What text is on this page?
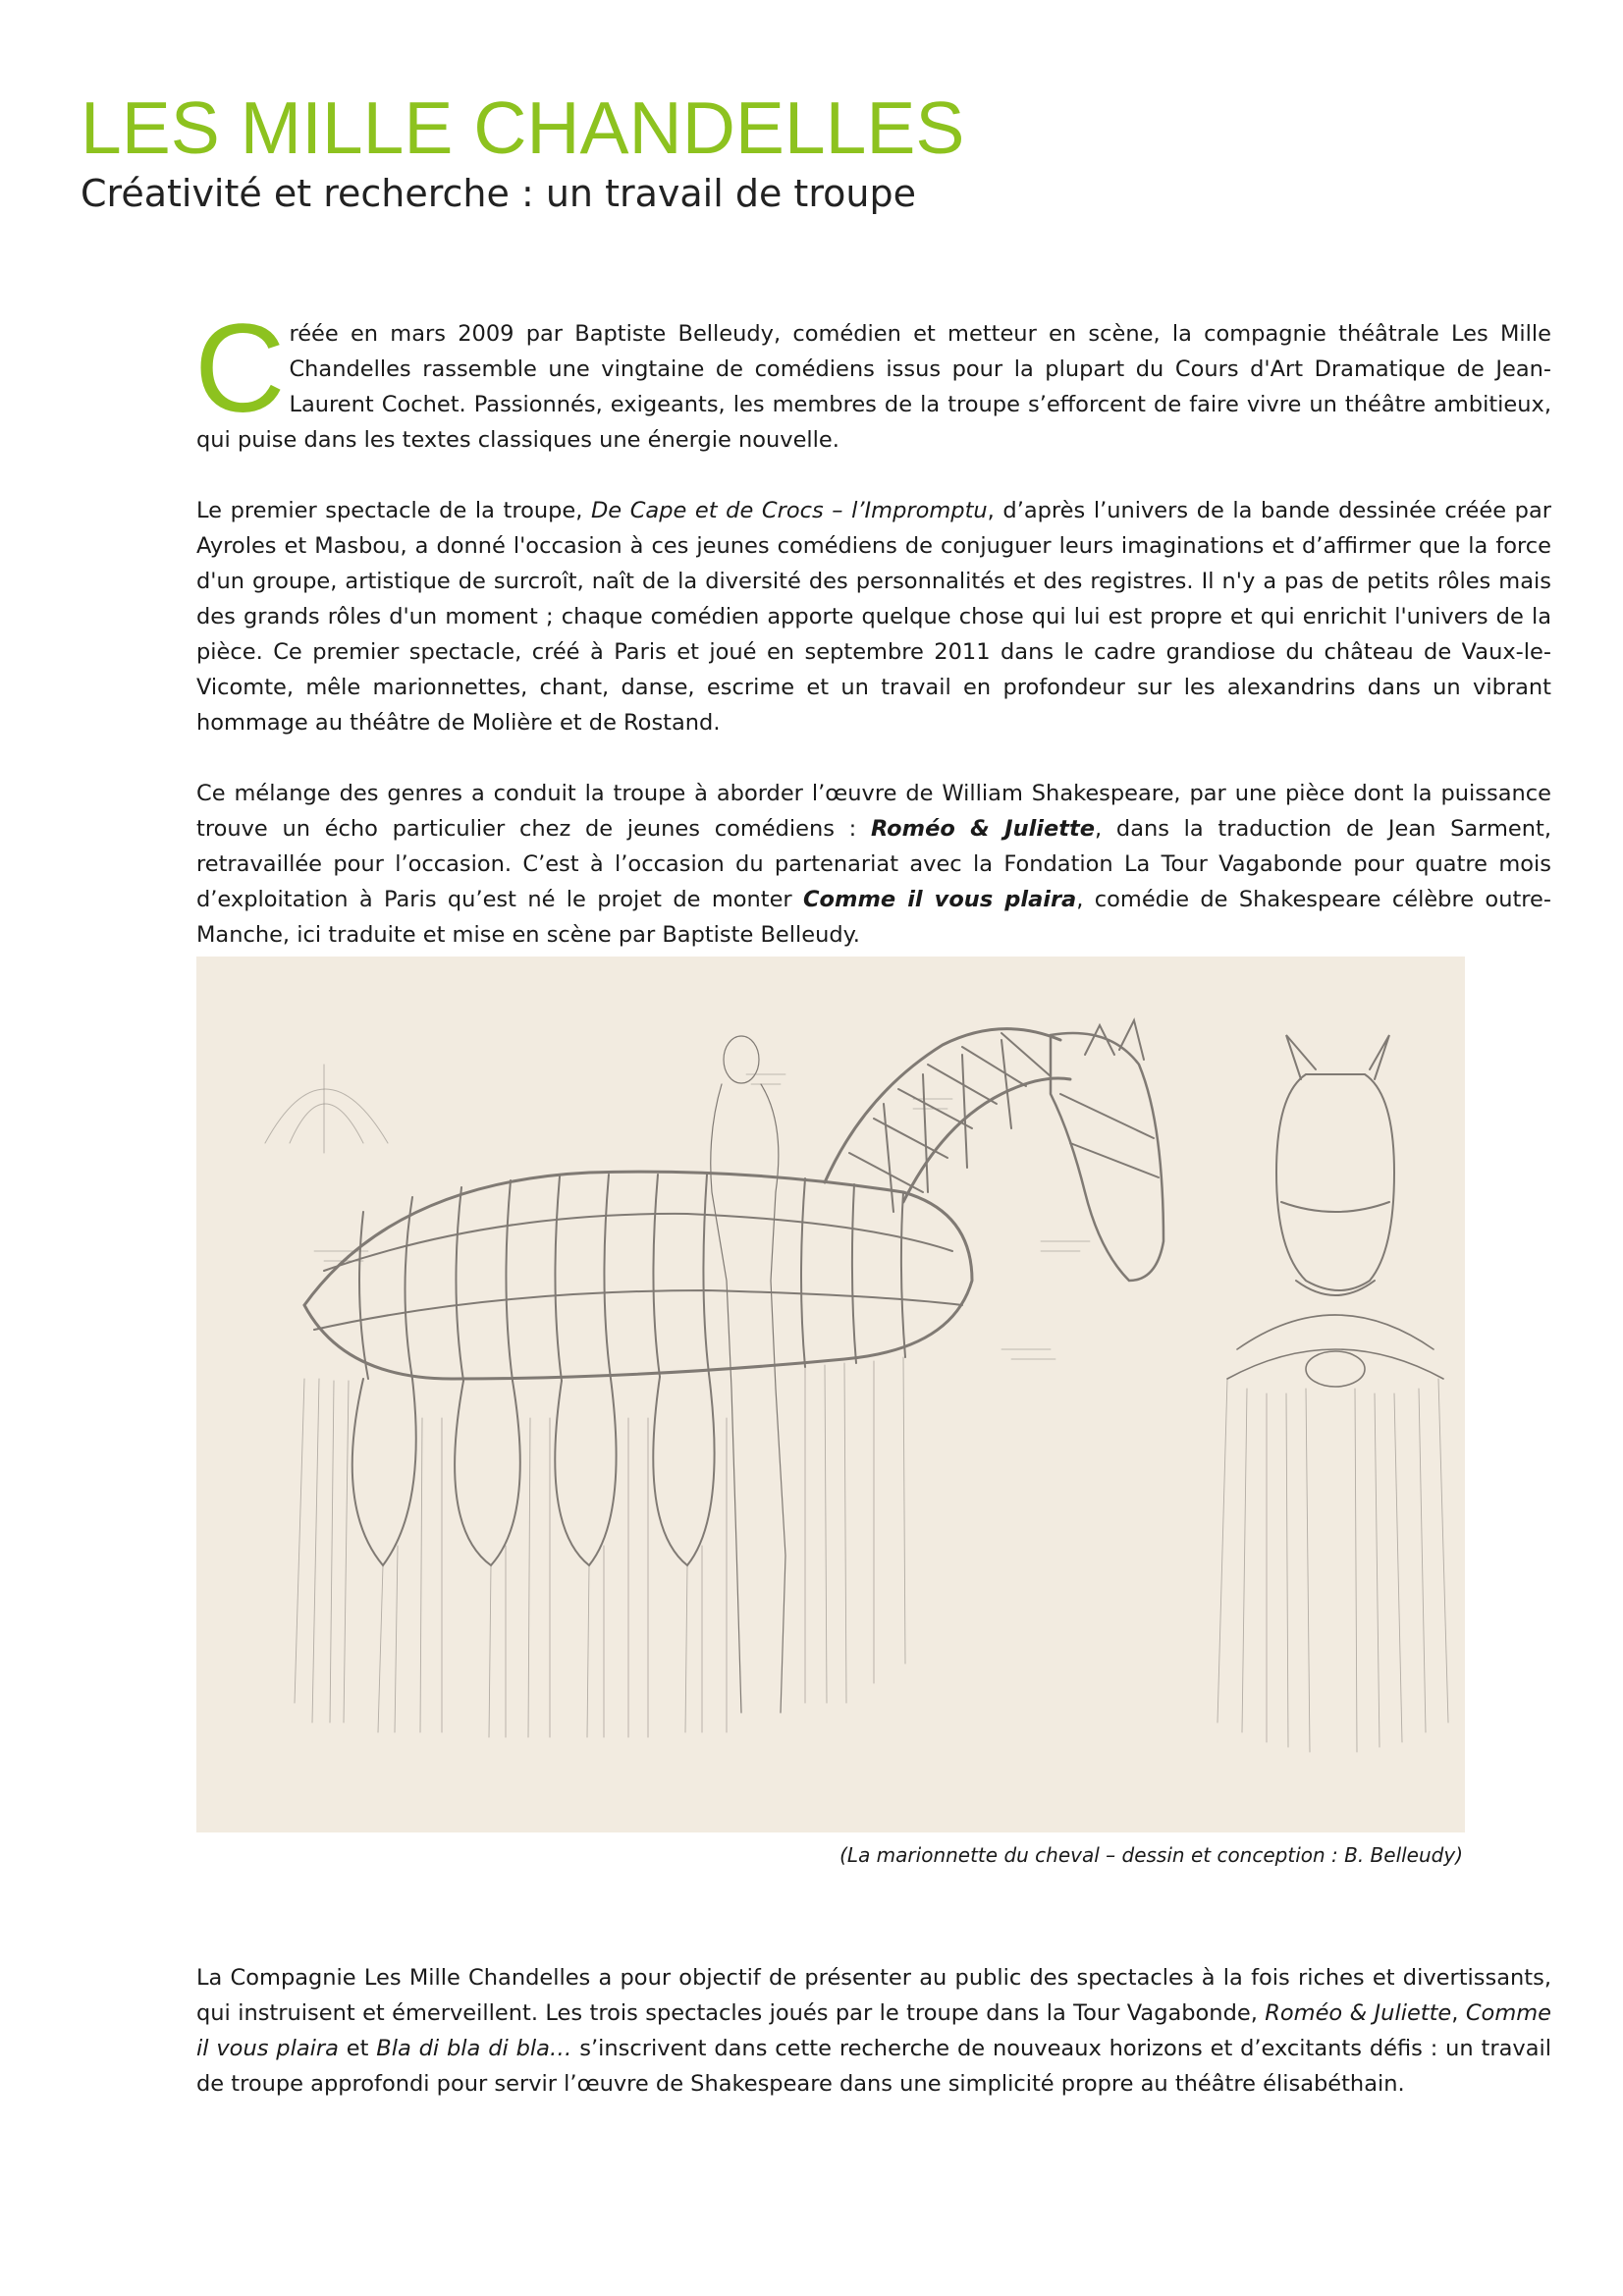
LES MILLE CHANDELLES
Créativité et recherche : un travail de troupe

Créée en mars 2009 par Baptiste Belleudy, comédien et metteur en scène, la compagnie théâtrale Les Mille Chandelles rassemble une vingtaine de comédiens issus pour la plupart du Cours d'Art Dramatique de Jean-Laurent Cochet. Passionnés, exigeants, les membres de la troupe s’efforcent de faire vivre un théâtre ambitieux, qui puise dans les textes classiques une énergie nouvelle.

Le premier spectacle de la troupe, De Cape et de Crocs – l’Impromptu, d’après l’univers de la bande dessinée créée par Ayroles et Masbou, a donné l'occasion à ces jeunes comédiens de conjuguer leurs imaginations et d’affirmer que la force d'un groupe, artistique de surcroît, naît de la diversité des personnalités et des registres. Il n'y a pas de petits rôles mais des grands rôles d'un moment ; chaque comédien apporte quelque chose qui lui est propre et qui enrichit l'univers de la pièce. Ce premier spectacle, créé à Paris et joué en septembre 2011 dans le cadre grandiose du château de Vaux-le-Vicomte, mêle marionnettes, chant, danse, escrime et un travail en profondeur sur les alexandrins dans un vibrant hommage au théâtre de Molière et de Rostand.

Ce mélange des genres a conduit la troupe à aborder l’œuvre de William Shakespeare, par une pièce dont la puissance trouve un écho particulier chez de jeunes comédiens : Roméo & Juliette, dans la traduction de Jean Sarment, retravaillée pour l’occasion. C’est à l’occasion du partenariat avec la Fondation La Tour Vagabonde pour quatre mois d’exploitation à Paris qu’est né le projet de monter Comme il vous plaira, comédie de Shakespeare célèbre outre-Manche, ici traduite et mise en scène par Baptiste Belleudy.

(La marionnette du cheval – dessin et conception : B. Belleudy)

La Compagnie Les Mille Chandelles a pour objectif de présenter au public des spectacles à la fois riches et divertissants, qui instruisent et émerveillent. Les trois spectacles joués par le troupe dans la Tour Vagabonde, Roméo & Juliette, Comme il vous plaira et Bla di bla di bla… s’inscrivent dans cette recherche de nouveaux horizons et d’excitants défis : un travail de troupe approfondi pour servir l’œuvre de Shakespeare dans une simplicité propre au théâtre élisabéthain.
